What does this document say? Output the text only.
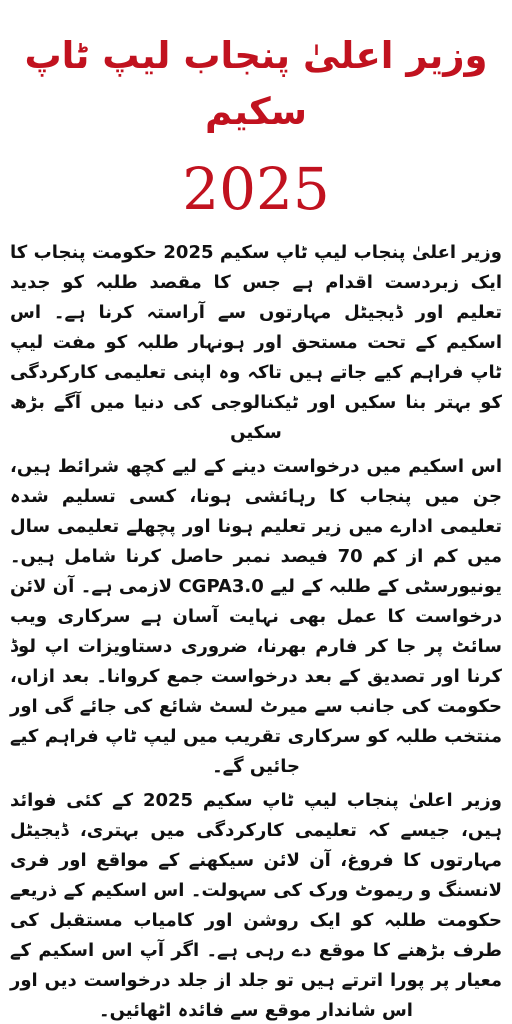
وزیر اعلیٰ پنجاب لیپ ٹاپ سکیم
2025

وزیر اعلیٰ پنجاب لیپ ٹاپ سکیم 2025 حکومت پنجاب کا ایک زبردست اقدام ہے جس کا مقصد طلبہ کو جدید تعلیم اور ڈیجیٹل مہارتوں سے آراستہ کرنا ہے۔ اس اسکیم کے تحت مستحق اور ہونہار طلبہ کو مفت لیپ ٹاپ فراہم کیے جاتے ہیں تاکہ وہ اپنی تعلیمی کارکردگی کو بہتر بنا سکیں اور ٹیکنالوجی کی دنیا میں آگے بڑھ سکیں

اس اسکیم میں درخواست دینے کے لیے کچھ شرائط ہیں، جن میں پنجاب کا رہائشی ہونا، کسی تسلیم شدہ تعلیمی ادارے میں زیر تعلیم ہونا اور پچھلے تعلیمی سال میں کم از کم 70 فیصد نمبر حاصل کرنا شامل ہیں۔ یونیورسٹی کے طلبہ کے لیے CGPA3.0 لازمی ہے۔ آن لائن درخواست کا عمل بھی نہایت آسان ہے سرکاری ویب سائٹ پر جا کر فارم بھرنا، ضروری دستاویزات اپ لوڈ کرنا اور تصدیق کے بعد درخواست جمع کروانا۔ بعد ازاں، حکومت کی جانب سے میرٹ لسٹ شائع کی جائے گی اور منتخب طلبہ کو سرکاری تقریب میں لیپ ٹاپ فراہم کیے جائیں گے۔

وزیر اعلیٰ پنجاب لیپ ٹاپ سکیم 2025 کے کئی فوائد ہیں، جیسے کہ تعلیمی کارکردگی میں بہتری، ڈیجیٹل مہارتوں کا فروغ، آن لائن سیکھنے کے مواقع اور فری لانسنگ و ریموٹ ورک کی سہولت۔ اس اسکیم کے ذریعے حکومت طلبہ کو ایک روشن اور کامیاب مستقبل کی طرف بڑھنے کا موقع دے رہی ہے۔ اگر آپ اس اسکیم کے معیار پر پورا اترتے ہیں تو جلد از جلد درخواست دیں اور اس شاندار موقع سے فائدہ اٹھائیں۔
